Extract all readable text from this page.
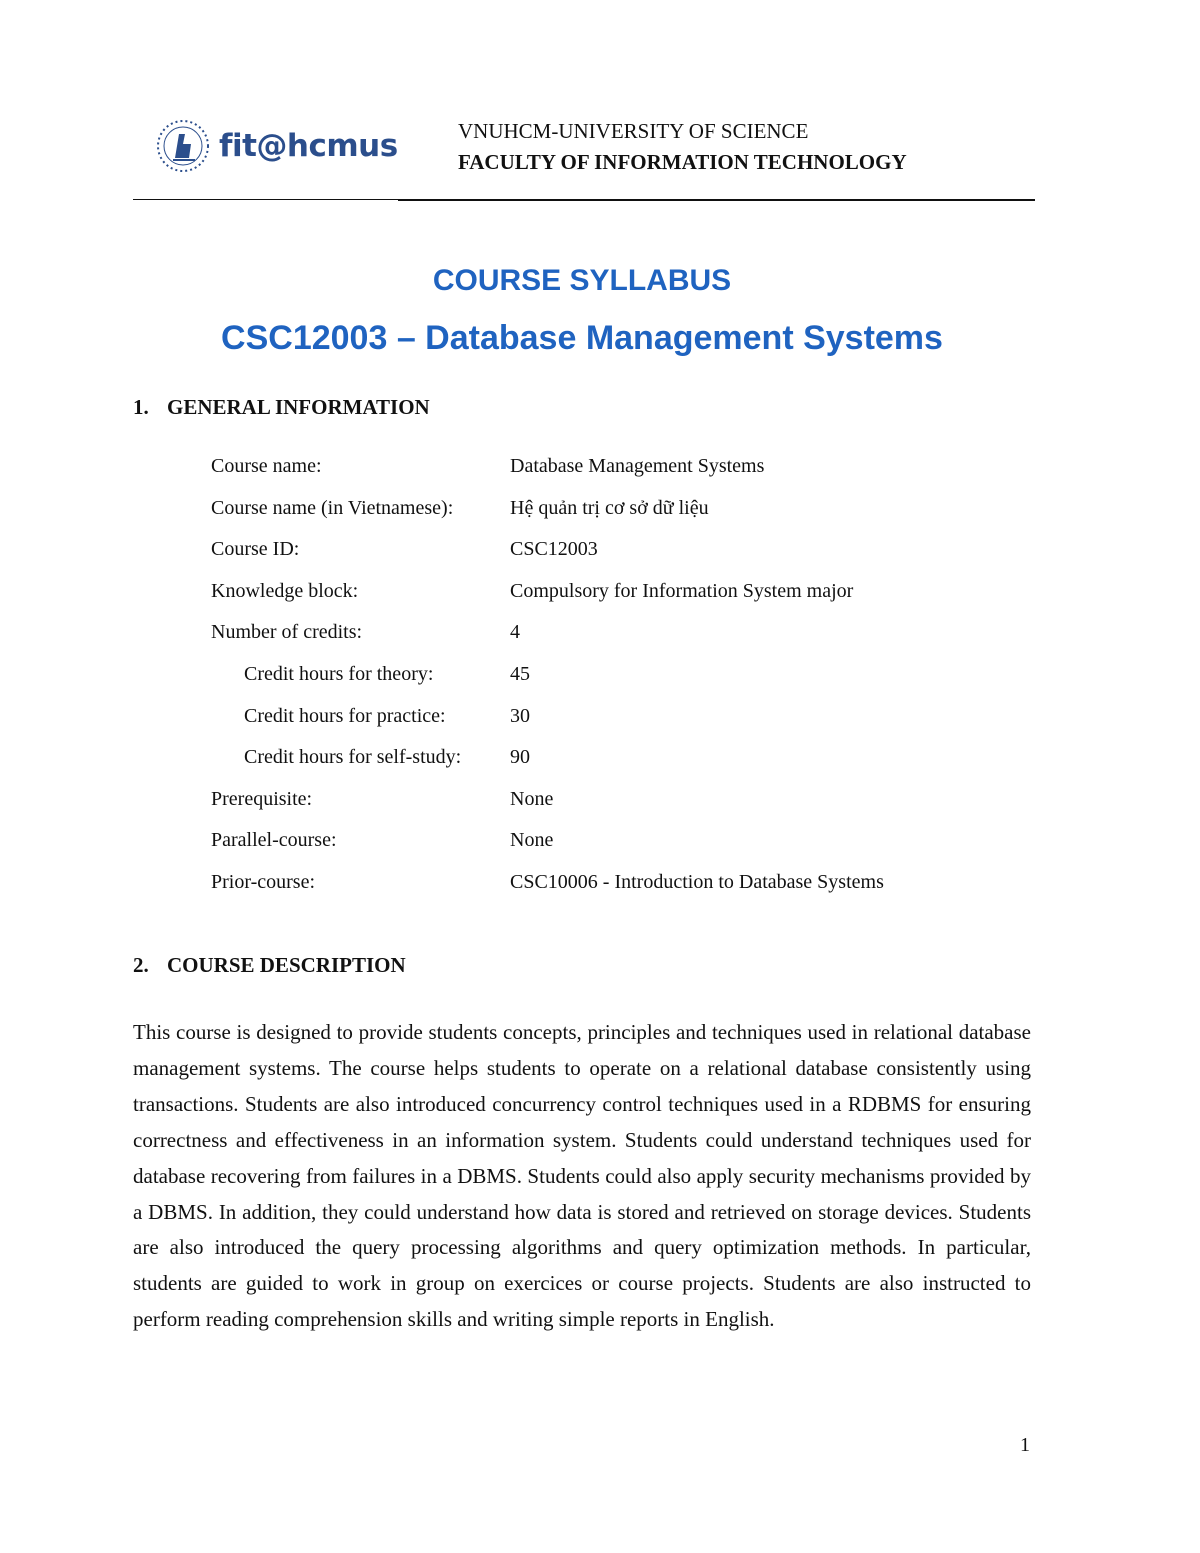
fit@hcmus	VNUHCM-UNIVERSITY OF SCIENCE
FACULTY OF INFORMATION TECHNOLOGY
COURSE SYLLABUS
CSC12003 – Database Management Systems
1. GENERAL INFORMATION
Course name:	Database Management Systems
Course name (in Vietnamese):	Hệ quản trị cơ sở dữ liệu
Course ID:	CSC12003
Knowledge block:	Compulsory for Information System major
Number of credits:	4
Credit hours for theory:	45
Credit hours for practice:	30
Credit hours for self-study: 90
Prerequisite:	None
Parallel-course:	None
Prior-course:	CSC10006 - Introduction to Database Systems
2. COURSE DESCRIPTION

This course is designed to provide students concepts, principles and techniques used in relational database management systems. The course helps students to operate on a relational database consistently using transactions. Students are also introduced concurrency control techniques used in a RDBMS for ensuring correctness and effectiveness in an information system. Students could understand techniques used for database recovering from failures in a DBMS. Students could also apply security mechanisms provided by a DBMS. In addition, they could understand how data is stored and retrieved on storage devices. Students are also introduced the query processing algorithms and query optimization methods. In particular, students are guided to work in group on exercices or course projects. Students are also instructed to perform reading comprehension skills and writing simple reports in English.

1
